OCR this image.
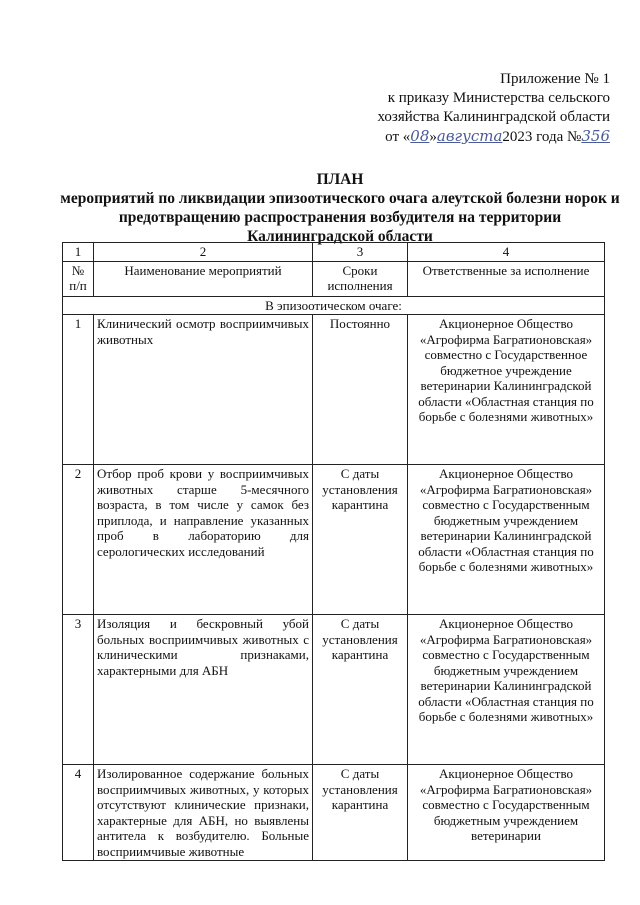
Приложение № 1
к приказу Министерства сельского
хозяйства Калининградской области
от «08»августа2023 года №356
ПЛАН
мероприятий по ликвидации эпизоотического очага алеутской болезни норок и предотвращению распространения возбудителя на территории Калининградской области
1	2	3	4
№ п/п	Наименование мероприятий	Сроки исполнения	Ответственные за исполнение
В эпизоотическом очаге:			
1	Клинический осмотр восприимчивых животных	Постоянно	Акционерное Общество «Агрофирма Багратионовская» совместно с Государственное бюджетное учреждение ветеринарии Калининградской области «Областная станция по борьбе с болезнями животных»
2	Отбор проб крови у восприимчивых животных старше 5-месячного возраста, в том числе у самок без приплода, и направление указанных проб в лабораторию для серологических исследований	С даты установления карантина	Акционерное Общество «Агрофирма Багратионовская» совместно с Государственным бюджетным учреждением ветеринарии Калининградской области «Областная станция по борьбе с болезнями животных»
3	Изоляция и бескровный убой больных восприимчивых животных с клиническими признаками, характерными для АБН	С даты установления карантина	Акционерное Общество «Агрофирма Багратионовская» совместно с Государственным бюджетным учреждением ветеринарии Калининградской области «Областная станция по борьбе с болезнями животных»
4	Изолированное содержание больных восприимчивых животных, у которых отсутствуют клинические признаки, характерные для АБН, но выявлены антитела к возбудителю. Больные восприимчивые животные	С даты установления карантина	Акционерное Общество «Агрофирма Багратионовская» совместно с Государственным бюджетным учреждением ветеринарии
